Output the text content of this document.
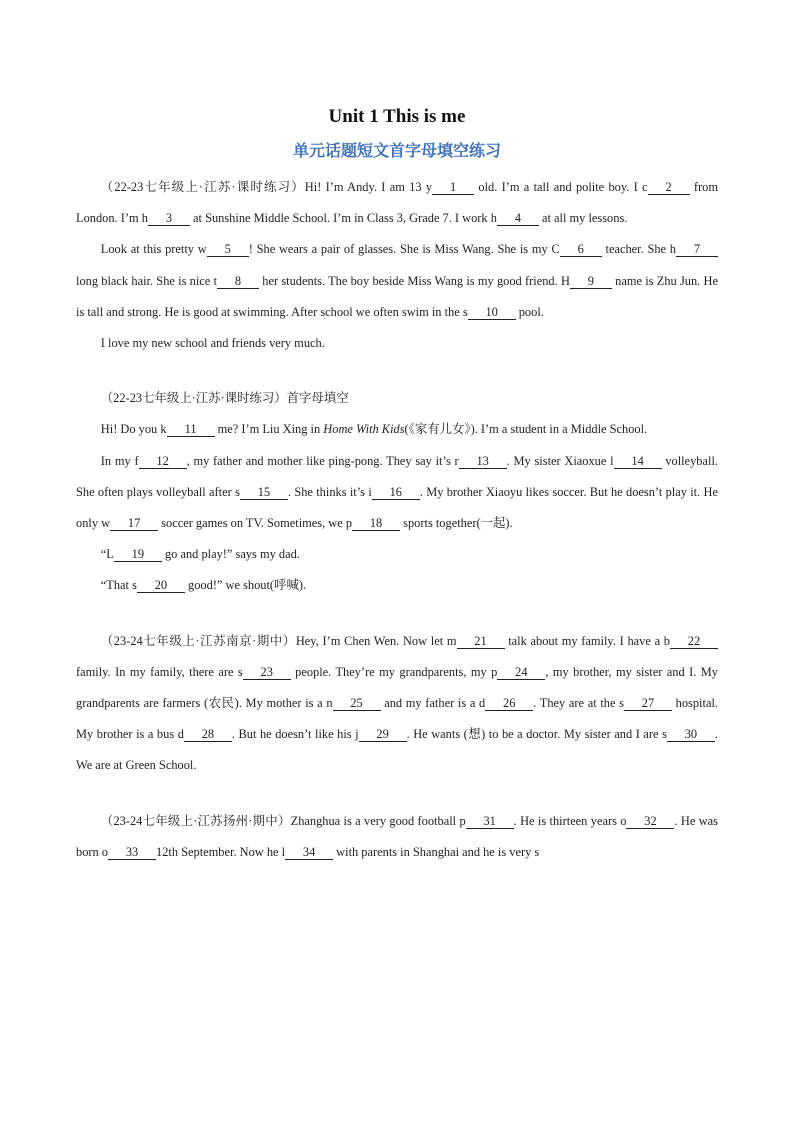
Unit 1 This is me
单元话题短文首字母填空练习

（22-23七年级上·江苏·课时练习）Hi! I’m Andy. I am 13 y 1 old. I’m a tall and polite boy. I c 2 from London. I’m h 3 at Sunshine Middle School. I’m in Class 3, Grade 7. I work h 4 at all my lessons.

Look at this pretty w 5 ! She wears a pair of glasses. She is Miss Wang. She is my C 6 teacher. She h 7 long black hair. She is nice t 8 her students. The boy beside Miss Wang is my good friend. H 9 name is Zhu Jun. He is tall and strong. He is good at swimming. After school we often swim in the s 10 pool.

I love my new school and friends very much.

（22-23七年级上·江苏·课时练习）首字母填空

Hi! Do you k 11 me? I’m Liu Xing in Home With Kids(《家有儿女》). I’m a student in a Middle School.

In my f 12 , my father and mother like ping-pong. They say it’s r 13 . My sister Xiaoxue l 14 volleyball. She often plays volleyball after s 15 . She thinks it’s i 16 . My brother Xiaoyu likes soccer. But he doesn’t play it. He only w 17 soccer games on TV. Sometimes, we p 18 sports together(一起).

“L 19 go and play!” says my dad.

“That s 20 good!” we shout(呼喊).

（23-24七年级上·江苏南京·期中）Hey, I’m Chen Wen. Now let m 21 talk about my family. I have a b 22 family. In my family, there are s 23 people. They’re my grandparents, my p 24 , my brother, my sister and I. My grandparents are farmers (农民). My mother is a n 25 and my father is a d 26 . They are at the s 27 hospital. My brother is a bus d 28 . But he doesn’t like his j 29 . He wants (想) to be a doctor. My sister and I are s 30 . We are at Green School.

（23-24七年级上·江苏扬州·期中）Zhanghua is a very good football p 31 . He is thirteen years o 32 . He was born o 33 12th September. Now he l 34 with parents in Shanghai and he is very s
